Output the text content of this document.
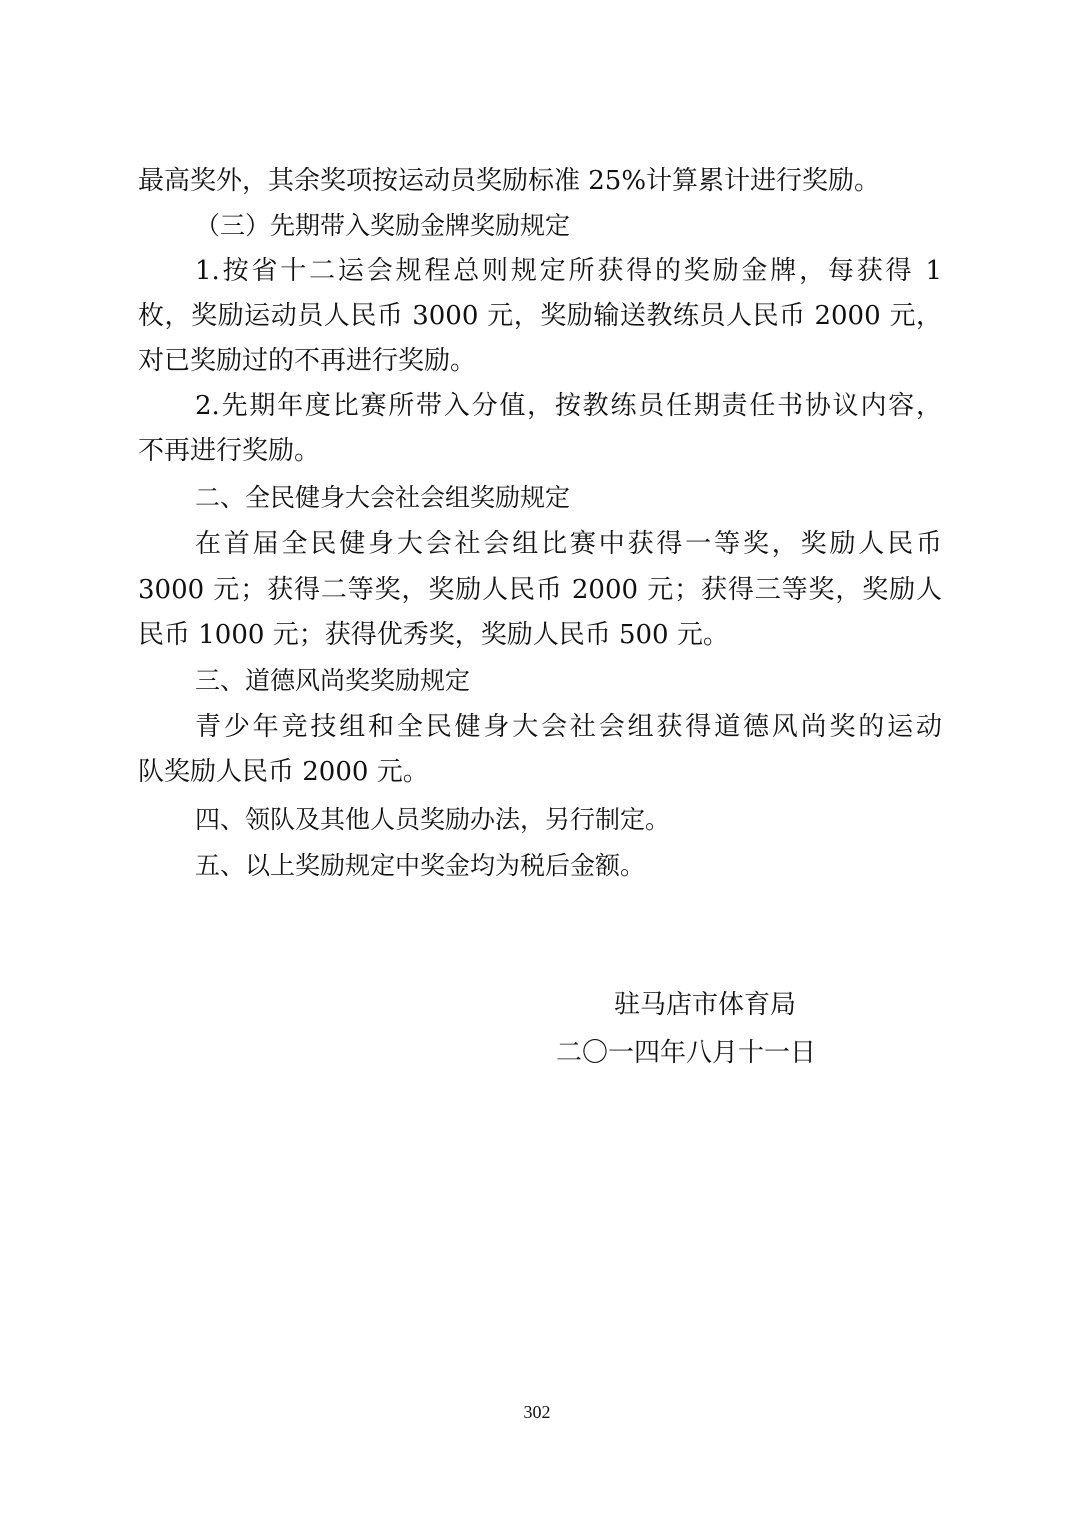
最高奖外，其余奖项按运动员奖励标准 25%计算累计进行奖励。

（三）先期带入奖励金牌奖励规定

1.按省十二运会规程总则规定所获得的奖励金牌，每获得 1

枚，奖励运动员人民币 3000 元，奖励输送教练员人民币 2000 元，

对已奖励过的不再进行奖励。

2.先期年度比赛所带入分值，按教练员任期责任书协议内容，

不再进行奖励。

二、全民健身大会社会组奖励规定

在首届全民健身大会社会组比赛中获得一等奖，奖励人民币

3000 元；获得二等奖，奖励人民币 2000 元；获得三等奖，奖励人

民币 1000 元；获得优秀奖，奖励人民币 500 元。

三、道德风尚奖奖励规定

青少年竞技组和全民健身大会社会组获得道德风尚奖的运动

队奖励人民币 2000 元。

四、领队及其他人员奖励办法，另行制定。

五、以上奖励规定中奖金均为税后金额。

驻马店市体育局
二〇一四年八月十一日
302
